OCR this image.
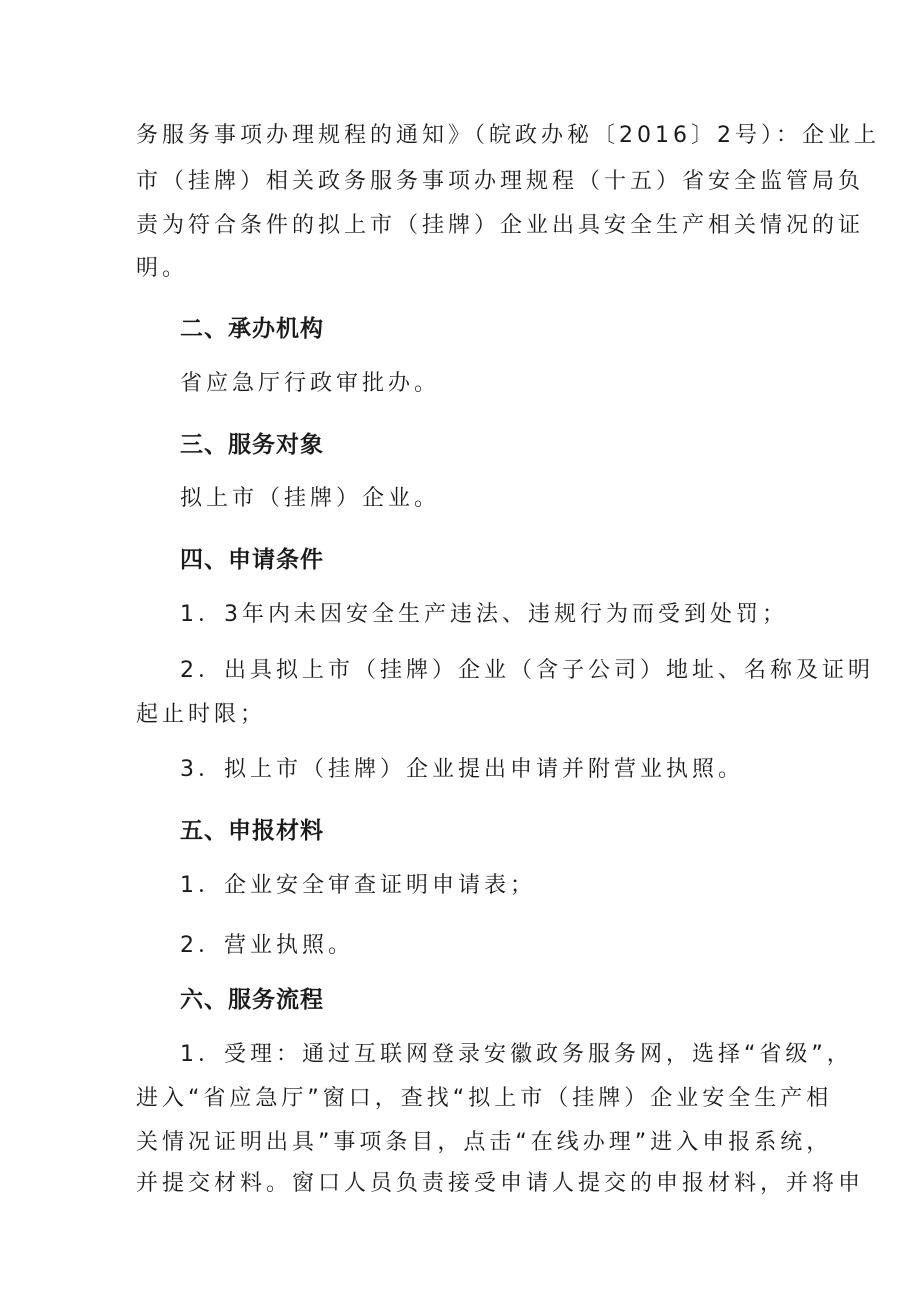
务服务事项办理规程的通知》（皖政办秘〔2016〕2号）：企业上

市（挂牌）相关政务服务事项办理规程（十五）省安全监管局负

责为符合条件的拟上市（挂牌）企业出具安全生产相关情况的证

明。

二、承办机构

省应急厅行政审批办。

三、服务对象

拟上市（挂牌）企业。

四、申请条件

1．3年内未因安全生产违法、违规行为而受到处罚；

2．出具拟上市（挂牌）企业（含子公司）地址、名称及证明

起止时限；

3．拟上市（挂牌）企业提出申请并附营业执照。

五、申报材料

1．企业安全审查证明申请表；

2．营业执照。

六、服务流程

1．受理：通过互联网登录安徽政务服务网，选择“省级”，

进入“省应急厅”窗口，查找“拟上市（挂牌）企业安全生产相

关情况证明出具”事项条目，点击“在线办理”进入申报系统，

并提交材料。窗口人员负责接受申请人提交的申报材料，并将申
